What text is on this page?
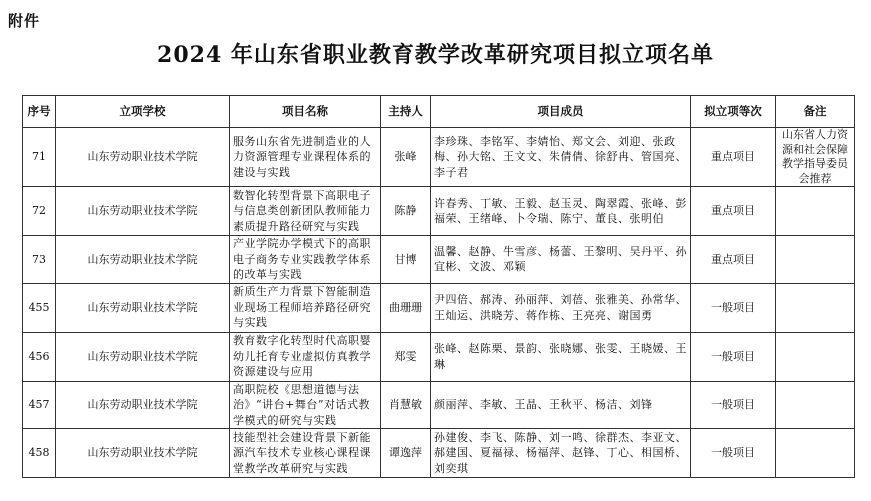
附件
2024 年山东省职业教育教学改革研究项目拟立项名单
序号	立项学校	项目名称	主持人	项目成员	拟立项等次	备注
71	山东劳动职业技术学院	服务山东省先进制造业的人力资源管理专业课程体系的建设与实践	张峰	李珍珠、李铭军、李婧怡、郑文会、刘迎、张政梅、孙大铭、王文文、朱倩倩、徐舒冉、管国亮、李子君	重点项目	山东省人力资源和社会保障教学指导委员会推荐
72	山东劳动职业技术学院	数智化转型背景下高职电子与信息类创新团队教师能力素质提升路径研究与实践	陈静	许春秀、丁敏、王毅、赵玉灵、陶翠霞、张峰、彭福荣、王绪峰、卜令瑞、陈宁、董良、张明伯	重点项目	
73	山东劳动职业技术学院	产业学院办学模式下的高职电子商务专业实践教学体系的改革与实践	甘博	温馨、赵静、牛雪彦、杨蕾、王黎明、吴丹平、孙宜彬、文波、邓颖	重点项目	
455	山东劳动职业技术学院	新质生产力背景下智能制造业现场工程师培养路径研究与实践	曲珊珊	尹四倍、郝涛、孙丽萍、刘蓓、张雅美、孙常华、王灿运、洪晓芳、蒋作栋、王亮亮、谢国勇	一般项目	
456	山东劳动职业技术学院	教育数字化转型时代高职婴幼儿托育专业虚拟仿真教学资源建设与应用	郑雯	张峰、赵陈栗、景韵、张晓娜、张雯、王晓媛、王琳	一般项目	
457	山东劳动职业技术学院	高职院校《思想道德与法治》“讲台+舞台”对话式教学模式的研究与实践	肖慧敏	颜丽萍、李敏、王晶、王秋平、杨洁、刘锋	一般项目	
458	山东劳动职业技术学院	技能型社会建设背景下新能源汽车技术专业核心课程课堂教学改革研究与实践	谭逸萍	孙建俊、李飞、陈静、刘一鸣、徐群杰、李亚文、郝建国、夏福禄、杨福萍、赵锋、丁心、相国桥、刘奕琪	一般项目	
